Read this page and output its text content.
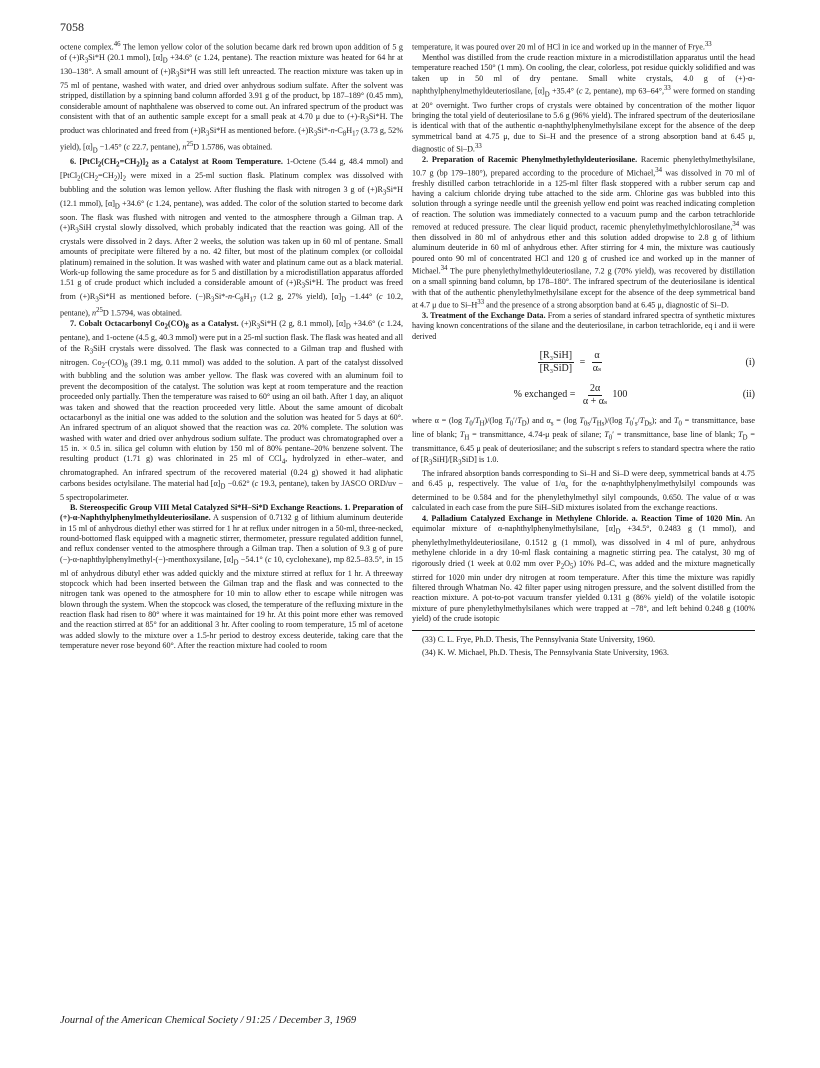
7058

octene complex.$^{46}$ The lemon yellow color of the solution became dark red brown upon addition of 5 g of $(+)R_3Si*H$ (20.1 mmol), $[\alpha]_D +34.6^\circ$ (c 1.24, pentane). The reaction mixture was heated for 64 hr at 130–138°. A small amount of $(+)R_3Si*H$ was still left unreacted. The reaction mixture was taken up in 75 ml of pentane, washed with water, and dried over anhydrous sodium sulfate. After the solvent was stripped, distillation by a spinning band column afforded 3.91 g of the product, bp 187–189° (0.45 mm), considerable amount of naphthalene was observed to come out. An infrared spectrum of the product was consistent with that of an authentic sample except for a small peak at 4.70 μ due to $(+)-R_3Si*H$. The product was chlorinated and freed from $(+)R_3Si*H$ as mentioned before. $(+)R_3Si*-n-C_8H_{17}$ (3.73 g, 52% yield), $[\alpha]_D -1.45^\circ$ (c 22.7, pentane), $n^{25}D$ 1.5786, was obtained.

6. $[PtCl_2(CH_2=CH_2)]_2$ as a Catalyst at Room Temperature. 1-Octene (5.44 g, 48.4 mmol) and $[PtCl_2(CH_2=CH_2)]_2$ were mixed in a 25-ml suction flask. Platinum complex was dissolved with bubbling and the solution was lemon yellow. After flushing the flask with nitrogen 3 g of $(+)R_3Si*H$ (12.1 mmol), $[\alpha]_D +34.6^\circ$ (c 1.24, pentane), was added. The color of the solution started to become dark soon. The flask was flushed with nitrogen and vented to the atmosphere through a Gilman trap. A $(+)R_3SiH$ crystal slowly dissolved, which probably indicated that the reaction was going. All of the crystals were dissolved in 2 days. After 2 weeks, the solution was taken up in 60 ml of pentane. Small amounts of precipitate were filtered by a no. 42 filter, but most of the platinum complex (or colloidal platinum) remained in the solution. It was washed with water and platinum came out as a black material. Work-up following the same procedure as for 5 and distillation by a microdistillation apparatus afforded 1.51 g of crude product which included a considerable amount of $(+)R_3Si*H$. The product was freed from $(+)R_3Si*H$ as mentioned before. $(-)R_3Si*-n-C_8H_{17}$ (1.2 g, 27% yield), $[\alpha]_D -1.44^\circ$ (c 10.2, pentane), $n^{25}D$ 1.5794, was obtained.

7. Cobalt Octacarbonyl $Co_2(CO)_8$ as a Catalyst. $(+)R_3Si*H$ (2 g, 8.1 mmol), $[\alpha]_D +34.6^\circ$ (c 1.24, pentane), and 1-octene (4.5 g, 40.3 mmol) were put in a 25-ml suction flask. The flask was heated and all of the $R_3SiH$ crystals were dissolved. The flask was connected to a Gilman trap and flushed with nitrogen. $Co_2-(CO)_8$ (39.1 mg, 0.11 mmol) was added to the solution. A part of the catalyst dissolved with bubbling and the solution was amber yellow. The flask was covered with an aluminum foil to prevent the decomposition of the catalyst. The solution was kept at room temperature and the reaction proceeded only partially. Then the temperature was raised to 60° using an oil bath. After 1 day, an aliquot was taken and showed that the reaction proceeded very little. About the same amount of dicobalt octacarbonyl as the initial one was added to the solution and the solution was heated for 5 days at 60°. An infrared spectrum of an aliquot showed that the reaction was ca. 20% complete. The solution was washed with water and dried over anhydrous sodium sulfate. The product was chromatographed over a 15 in. × 0.5 in. silica gel column with elution by 150 ml of 80% pentane–20% benzene solvent. The resulting product (1.71 g) was chlorinated in 25 ml of CCl$_4$, hydrolyzed in ether–water, and chromatographed. An infrared spectrum of the recovered material (0.24 g) showed it had aliphatic carbons besides octylsilane. The material had $[\alpha]_D -0.62^\circ$ (c 19.3, pentane), taken by JASCO ORD/uv − 5 spectropolarimeter.

B. Stereospecific Group VIII Metal Catalyzed Si*H–Si*D Exchange Reactions. 1. Preparation of (+)-α-Naphthylphenylmethyldeuteriosilane. A suspension of 0.7132 g of lithium aluminum deuteride in 15 ml of anhydrous diethyl ether was stirred for 1 hr at reflux under nitrogen in a 50-ml, three-necked, round-bottomed flask equipped with a magnetic stirrer, thermometer, pressure regulated addition funnel, and reflux condenser vented to the atmosphere through a Gilman trap. Then a solution of 9.3 g of pure (−)-α-naphthylphenylmethyl-(−)-menthoxysilane, $[\alpha]_D -54.1^\circ$ (c 10, cyclohexane), mp 82.5–83.5°, in 15 ml of anhydrous dibutyl ether was added quickly and the mixture stirred at reflux for 1 hr. A threeway stopcock which had been inserted between the Gilman trap and the flask and was connected to the nitrogen tank was opened to the atmosphere for 10 min to allow ether to escape while nitrogen was blown through the system. When the stopcock was closed, the temperature of the refluxing mixture in the reaction flask had risen to 80° where it was maintained for 19 hr. At this point more ether was removed and the reaction stirred at 85° for an additional 3 hr. After cooling to room temperature, 15 ml of acetone was added slowly to the mixture over a 1.5-hr period to destroy excess deuteride, taking care that the temperature never rose beyond 60°. After the reaction mixture had cooled to room

temperature, it was poured over 20 ml of HCl in ice and worked up in the manner of Frye.$^{33}$

Menthol was distilled from the crude reaction mixture in a microdistillation apparatus until the head temperature reached 150° (1 mm). On cooling, the clear, colorless, pot residue quickly solidified and was taken up in 50 ml of dry pentane. Small white crystals, 4.0 g of (+)-α-naphthylphenylmethyldeuteriosilane, $[\alpha]_D +35.4^\circ$ (c 2, pentane), mp 63–64°,$^{33}$ were formed on standing at 20° overnight. Two further crops of crystals were obtained by concentration of the mother liquor bringing the total yield of deuteriosilane to 5.6 g (96% yield). The infrared spectrum of the deuteriosilane is identical with that of the authentic α-naphthylphenylmethylsilane except for the absence of the deep symmetrical band at 4.75 μ, due to Si–H and the presence of a strong absorption band at 6.45 μ, diagnostic of Si–D.$^{33}$

2. Preparation of Racemic Phenylmethylethyldeuteriosilane. Racemic phenylethylmethylsilane, 10.7 g (bp 179–180°), prepared according to the procedure of Michael,$^{34}$ was dissolved in 70 ml of freshly distilled carbon tetrachloride in a 125-ml filter flask stoppered with a rubber serum cap and having a calcium chloride drying tube attached to the side arm. Chlorine gas was bubbled into this solution through a syringe needle until the greenish yellow end point was reached indicating completion of reaction. The solution was immediately connected to a vacuum pump and the carbon tetrachloride removed at reduced pressure. The clear liquid product, racemic phenylethylmethylchlorosilane,$^{34}$ was then dissolved in 80 ml of anhydrous ether and this solution added dropwise to 2.8 g of lithium aluminum deuteride in 60 ml of anhydrous ether. After stirring for 4 min, the mixture was cautiously poured onto 90 ml of concentrated HCl and 120 g of crushed ice and worked up in the manner of Michael.$^{34}$ The pure phenylethylmethyldeuteriosilane, 7.2 g (70% yield), was recovered by distillation on a small spinning band column, bp 178–180°. The infrared spectrum of the deuteriosilane is identical with that of the authentic phenylethylmethylsilane except for the absence of the deep symmetrical band at 4.7 μ due to $Si-H^{33}$ and the presence of a strong absorption band at 6.45 μ, diagnostic of Si–D.

3. Treatment of the Exchange Data. From a series of standard infrared spectra of synthetic mixtures having known concentrations of the silane and the deuteriosilane, in carbon tetrachloride, eq i and ii were derived

$\frac{\text{[R₃SiH]}}{\text{[R₃SiD]}} = \frac{\alpha}{\text{αₛ}}$	(i)
% exchanged = $\frac{2\alpha}{\text{α + αₛ}} 100$	(ii)

where α = (log $T_0/T_H)/(\log$ $T_0'/T_D$) and $\alpha_s = (\log$ $T_{0s}/T_{Hs})/(\log$ $T_0'_s/T_{Ds}$); and $T_0$ = transmittance, base line of blank; $T_H$ = transmittance, 4.74-μ peak of silane; $T_0'$ = transmittance, base line of blank; $T_D$ = transmittance, 6.45 μ peak of deuteriosilane; and the subscript s refers to standard spectra where the ratio of $[R_3SiH]/[R_3SiD]$ is 1.0.

The infrared absorption bands corresponding to Si–H and Si–D were deep, symmetrical bands at 4.75 and 6.45 μ, respectively. The value of $1/\alpha_s$ for the α-naphthylphenylmethylsilyl compounds was determined to be 0.584 and for the phenylethylmethyl silyl compounds, 0.650. The value of α was calculated in each case from the pure SiH–SiD mixtures isolated from the exchange reactions.

4. Palladium Catalyzed Exchange in Methylene Chloride. a. Reaction Time of 1020 Min. An equimolar mixture of α-naphthylphenylmethylsilane, $[\alpha]_D +34.5^\circ$, 0.2483 g (1 mmol), and phenylethylmethyldeuteriosilane, 0.1512 g (1 mmol), was dissolved in 4 ml of pure, anhydrous methylene chloride in a dry 10-ml flask containing a magnetic stirring pea. The catalyst, 30 mg of rigorously dried (1 week at 0.02 mm over $P_2O_5$) 10% Pd–C, was added and the mixture magnetically stirred for 1020 min under dry nitrogen at room temperature. After this time the mixture was rapidly filtered through Whatman No. 42 filter paper using nitrogen pressure, and the solvent distilled from the reaction mixture. A pot-to-pot vacuum transfer yielded 0.131 g (86% yield) of the volatile isotopic mixture of pure phenylethylmethylsilanes which were trapped at −78°, and left behind 0.248 g (100% yield) of the crude isotopic

(33) C. L. Frye, Ph.D. Thesis, The Pennsylvania State University, 1960.

(34) K. W. Michael, Ph.D. Thesis, The Pennsylvania State University, 1963.

Journal of the American Chemical Society / 91:25 / December 3, 1969
